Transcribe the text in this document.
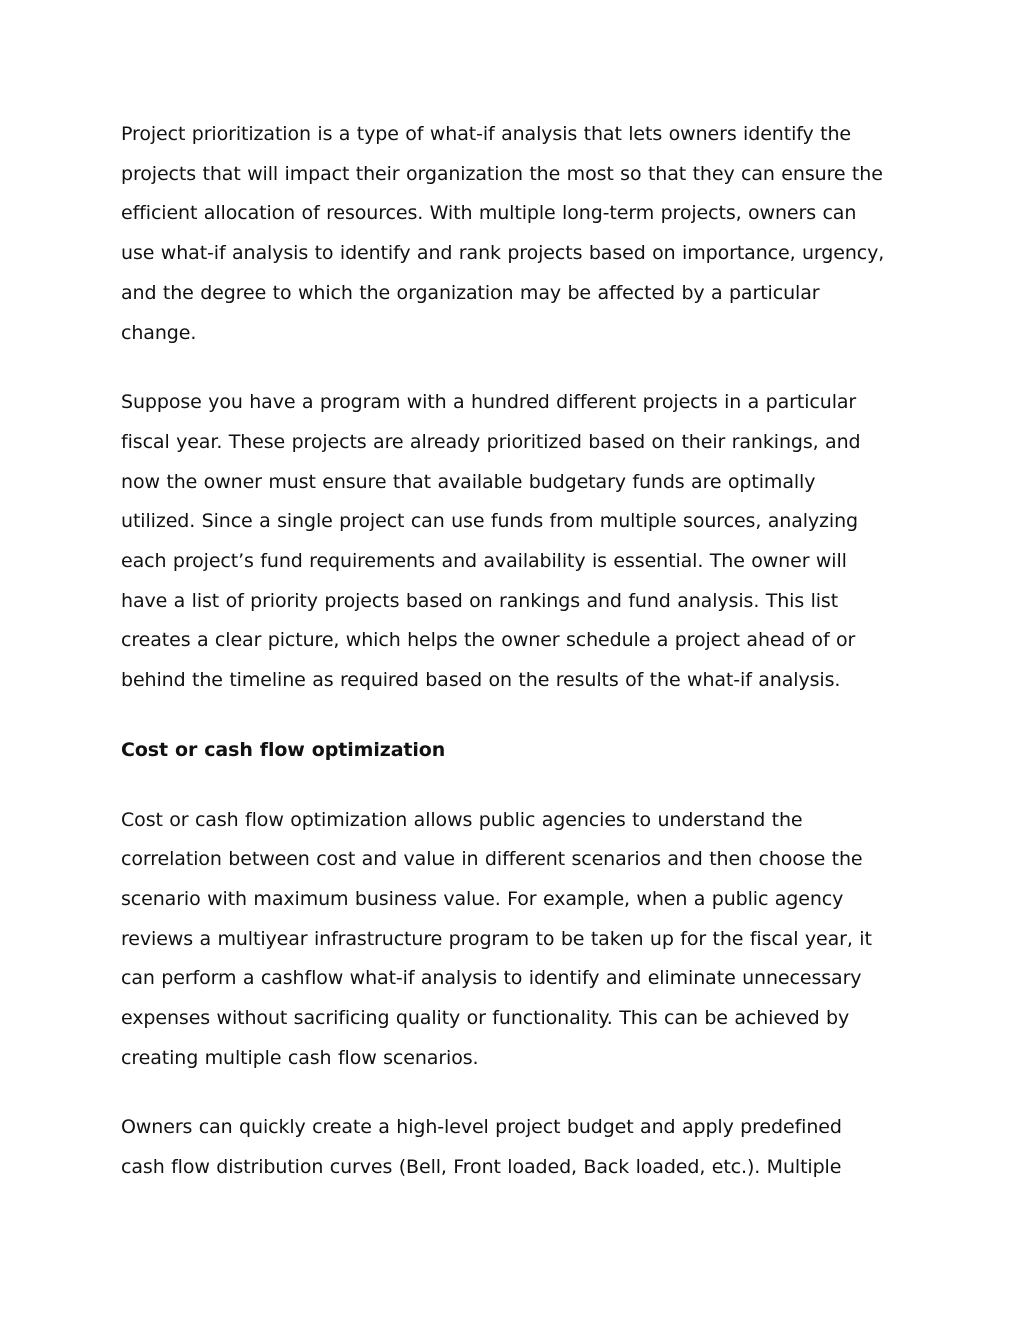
Project prioritization is a type of what-if analysis that lets owners identify the
projects that will impact their organization the most so that they can ensure the
efficient allocation of resources. With multiple long-term projects, owners can
use what-if analysis to identify and rank projects based on importance, urgency,
and the degree to which the organization may be affected by a particular
change.

Suppose you have a program with a hundred different projects in a particular
fiscal year. These projects are already prioritized based on their rankings, and
now the owner must ensure that available budgetary funds are optimally
utilized. Since a single project can use funds from multiple sources, analyzing
each project’s fund requirements and availability is essential. The owner will
have a list of priority projects based on rankings and fund analysis. This list
creates a clear picture, which helps the owner schedule a project ahead of or
behind the timeline as required based on the results of the what-if analysis.

Cost or cash flow optimization

Cost or cash flow optimization allows public agencies to understand the
correlation between cost and value in different scenarios and then choose the
scenario with maximum business value. For example, when a public agency
reviews a multiyear infrastructure program to be taken up for the fiscal year, it
can perform a cashflow what-if analysis to identify and eliminate unnecessary
expenses without sacrificing quality or functionality. This can be achieved by
creating multiple cash flow scenarios.

Owners can quickly create a high-level project budget and apply predefined
cash flow distribution curves (Bell, Front loaded, Back loaded, etc.). Multiple
